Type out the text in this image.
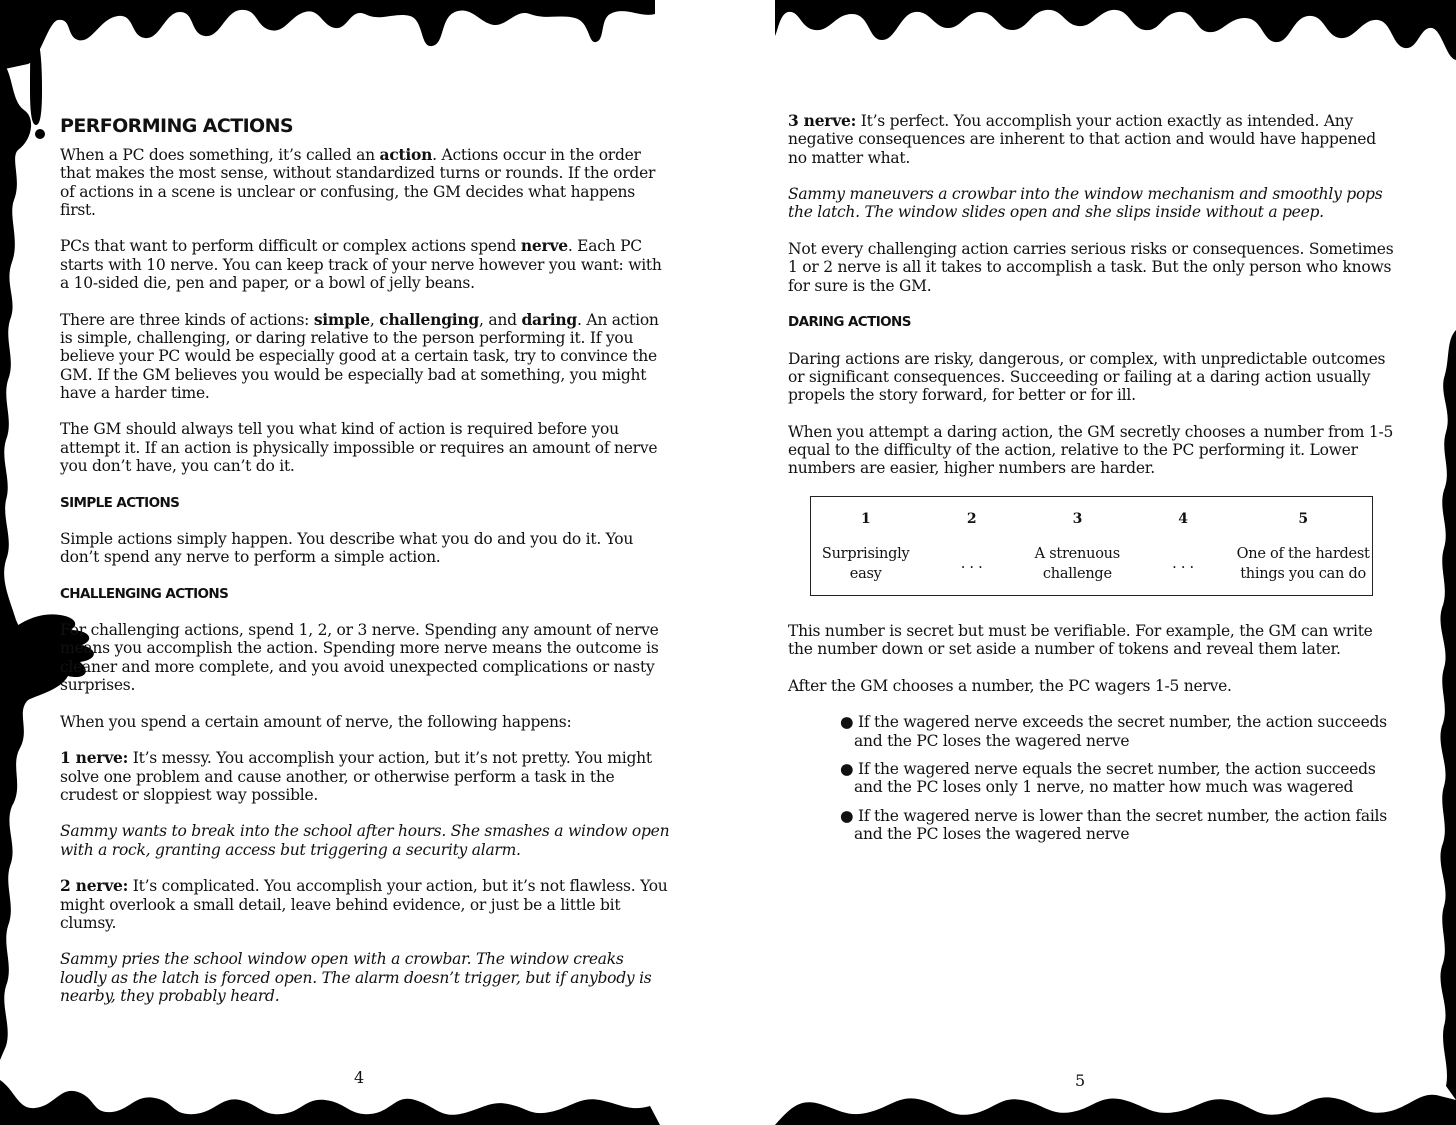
PERFORMING ACTIONS

When a PC does something, it’s called an action. Actions occur in the order that makes the most sense, without standardized turns or rounds. If the order of actions in a scene is unclear or confusing, the GM decides what happens first.

PCs that want to perform difficult or complex actions spend nerve. Each PC starts with 10 nerve. You can keep track of your nerve however you want: with a 10-sided die, pen and paper, or a bowl of jelly beans.

There are three kinds of actions: simple, challenging, and daring. An action is simple, challenging, or daring relative to the person performing it. If you believe your PC would be especially good at a certain task, try to convince the GM. If the GM believes you would be especially bad at something, you might have a harder time.

The GM should always tell you what kind of action is required before you attempt it. If an action is physically impossible or requires an amount of nerve you don’t have, you can’t do it.

SIMPLE ACTIONS

Simple actions simply happen. You describe what you do and you do it. You don’t spend any nerve to perform a simple action.

CHALLENGING ACTIONS

For challenging actions, spend 1, 2, or 3 nerve. Spending any amount of nerve means you accomplish the action. Spending more nerve means the outcome is cleaner and more complete, and you avoid unexpected complications or nasty surprises.

When you spend a certain amount of nerve, the following happens:

1 nerve: It’s messy. You accomplish your action, but it’s not pretty. You might solve one problem and cause another, or otherwise perform a task in the crudest or sloppiest way possible.

Sammy wants to break into the school after hours. She smashes a window open with a rock, granting access but triggering a security alarm.

2 nerve: It’s complicated. You accomplish your action, but it’s not flawless. You might overlook a small detail, leave behind evidence, or just be a little bit clumsy.

Sammy pries the school window open with a crowbar. The window creaks loudly as the latch is forced open. The alarm doesn’t trigger, but if anybody is nearby, they probably heard.

4

3 nerve: It’s perfect. You accomplish your action exactly as intended. Any negative consequences are inherent to that action and would have happened no matter what.

Sammy maneuvers a crowbar into the window mechanism and smoothly pops the latch. The window slides open and she slips inside without a peep.

Not every challenging action carries serious risks or consequences. Sometimes 1 or 2 nerve is all it takes to accomplish a task. But the only person who knows for sure is the GM.

DARING ACTIONS

Daring actions are risky, dangerous, or complex, with unpredictable outcomes or significant consequences. Succeeding or failing at a daring action usually propels the story forward, for better or for ill.

When you attempt a daring action, the GM secretly chooses a number from 1-5 equal to the difficulty of the action, relative to the PC performing it. Lower numbers are easier, higher numbers are harder.

1	2	3	4	5
Surprisingly easy	. . .	A strenuous challenge	. . .	One of the hardest things you can do

This number is secret but must be verifiable. For example, the GM can write the number down or set aside a number of tokens and reveal them later.

After the GM chooses a number, the PC wagers 1-5 nerve.

● If the wagered nerve exceeds the secret number, the action succeeds and the PC loses the wagered nerve
● If the wagered nerve equals the secret number, the action succeeds and the PC loses only 1 nerve, no matter how much was wagered
● If the wagered nerve is lower than the secret number, the action fails and the PC loses the wagered nerve
5
